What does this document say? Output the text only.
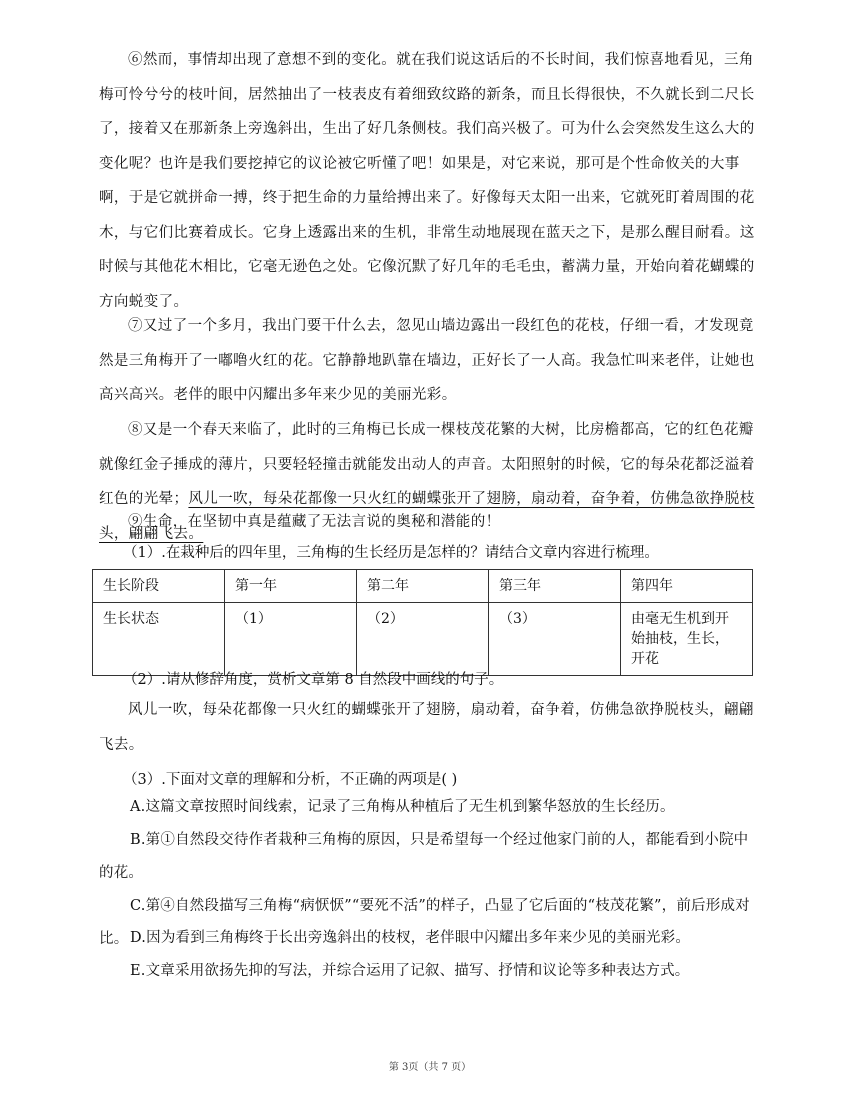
⑥然而，事情却出现了意想不到的变化。就在我们说这话后的不长时间，我们惊喜地看见，三角梅可怜兮兮的枝叶间，居然抽出了一枝表皮有着细致纹路的新条，而且长得很快，不久就长到二尺长了，接着又在那新条上旁逸斜出，生出了好几条侧枝。我们高兴极了。可为什么会突然发生这么大的变化呢？也许是我们要挖掉它的议论被它听懂了吧！如果是，对它来说，那可是个性命攸关的大事啊，于是它就拼命一搏，终于把生命的力量给搏出来了。好像每天太阳一出来，它就死盯着周围的花木，与它们比赛着成长。它身上透露出来的生机，非常生动地展现在蓝天之下，是那么醒目耐看。这时候与其他花木相比，它毫无逊色之处。它像沉默了好几年的毛毛虫，蓄满力量，开始向着花蝴蝶的方向蜕变了。

⑦又过了一个多月，我出门要干什么去，忽见山墙边露出一段红色的花枝，仔细一看，才发现竟然是三角梅开了一嘟噜火红的花。它静静地趴靠在墙边，正好长了一人高。我急忙叫来老伴，让她也高兴高兴。老伴的眼中闪耀出多年来少见的美丽光彩。

⑧又是一个春天来临了，此时的三角梅已长成一棵枝茂花繁的大树，比房檐都高，它的红色花瓣就像红金子捶成的薄片，只要轻轻撞击就能发出动人的声音。太阳照射的时候，它的每朵花都泛溢着红色的光晕；风儿一吹，每朵花都像一只火红的蝴蝶张开了翅膀，扇动着，奋争着，仿佛急欲挣脱枝头，翩翩飞去。

⑨生命，在坚韧中真是蕴藏了无法言说的奥秘和潜能的！

（1）.在栽种后的四年里，三角梅的生长经历是怎样的？请结合文章内容进行梳理。

生长阶段	第一年	第二年	第三年	第四年
生长状态	（1）	（2）	（3）	由毫无生机到开始抽枝，生长，开花

（2）.请从修辞角度，赏析文章第 8 自然段中画线的句子。

风儿一吹，每朵花都像一只火红的蝴蝶张开了翅膀，扇动着，奋争着，仿佛急欲挣脱枝头，翩翩飞去。

（3）.下面对文章的理解和分析，不正确的两项是( )

A.这篇文章按照时间线索，记录了三角梅从种植后了无生机到繁华怒放的生长经历。

B.第①自然段交待作者栽种三角梅的原因，只是希望每一个经过他家门前的人，都能看到小院中的花。

C.第④自然段描写三角梅“病恹恹”“要死不活”的样子，凸显了它后面的“枝茂花繁”，前后形成对比。 D.因为看到三角梅终于长出旁逸斜出的枝杈，老伴眼中闪耀出多年来少见的美丽光彩。

E.文章采用欲扬先抑的写法，并综合运用了记叙、描写、抒情和议论等多种表达方式。

第 3页（共 7 页）
